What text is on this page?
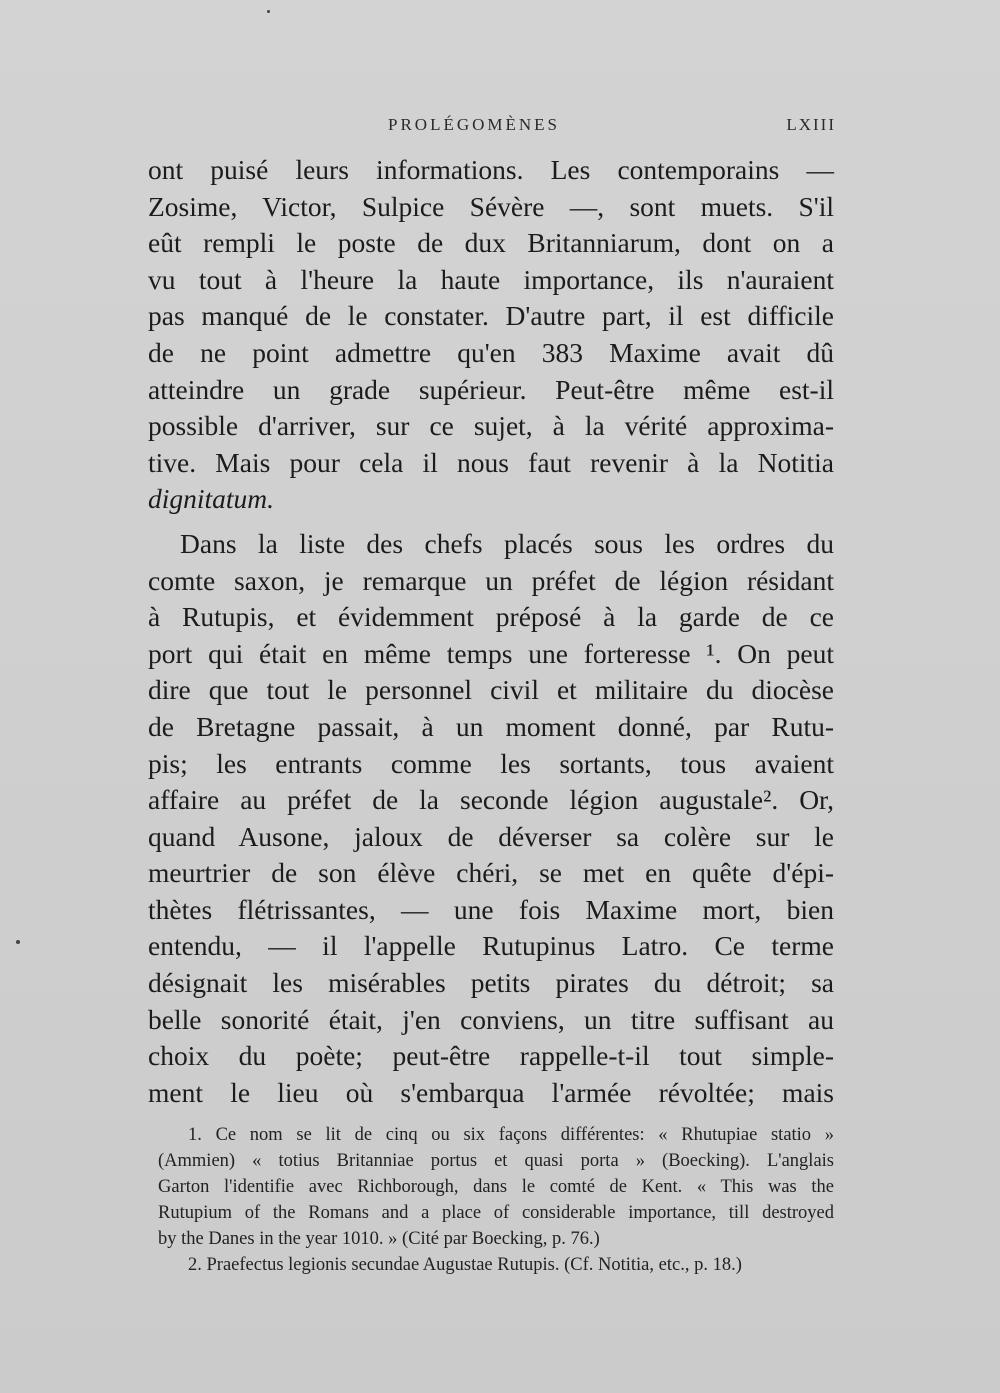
PROLÉGOMÈNES	LXIII
ont puisé leurs informations. Les contemporains —
Zosime, Victor, Sulpice Sévère —, sont muets. S'il
eût rempli le poste de dux Britanniarum, dont on a
vu tout à l'heure la haute importance, ils n'auraient
pas manqué de le constater. D'autre part, il est difficile
de ne point admettre qu'en 383 Maxime avait dû
atteindre un grade supérieur. Peut-être même est-il
possible d'arriver, sur ce sujet, à la vérité approxima-
tive. Mais pour cela il nous faut revenir à la Notitia
dignitatum.
Dans la liste des chefs placés sous les ordres du
comte saxon, je remarque un préfet de légion résidant
à Rutupis, et évidemment préposé à la garde de ce
port qui était en même temps une forteresse ¹. On peut
dire que tout le personnel civil et militaire du diocèse
de Bretagne passait, à un moment donné, par Rutu-
pis; les entrants comme les sortants, tous avaient
affaire au préfet de la seconde légion augustale². Or,
quand Ausone, jaloux de déverser sa colère sur le
meurtrier de son élève chéri, se met en quête d'épi-
thètes flétrissantes, — une fois Maxime mort, bien
entendu, — il l'appelle Rutupinus Latro. Ce terme
désignait les misérables petits pirates du détroit; sa
belle sonorité était, j'en conviens, un titre suffisant au
choix du poète; peut-être rappelle-t-il tout simple-
ment le lieu où s'embarqua l'armée révoltée; mais
1. Ce nom se lit de cinq ou six façons différentes: « Rhutupiae statio »
(Ammien) « totius Britanniae portus et quasi porta » (Boecking). L'anglais
Garton l'identifie avec Richborough, dans le comté de Kent. « This was the
Rutupium of the Romans and a place of considerable importance, till destroyed
by the Danes in the year 1010. » (Cité par Boecking, p. 76.)
2. Praefectus legionis secundae Augustae Rutupis. (Cf. Notitia, etc., p. 18.)
